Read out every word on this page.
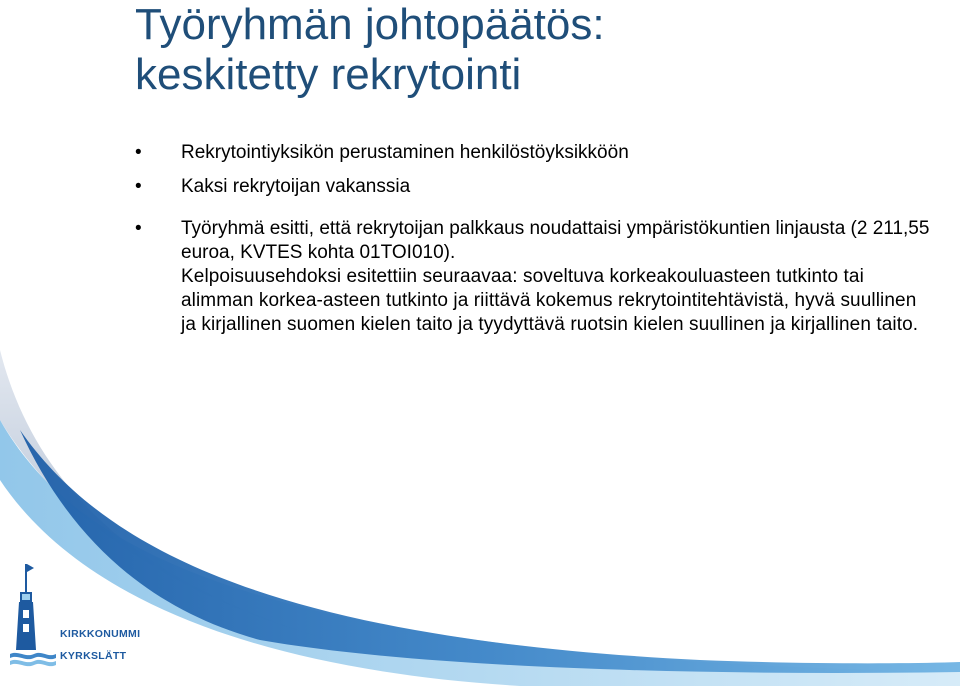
Työryhmän johtopäätös:
keskitetty rekrytointi
• Rekrytointiyksikön perustaminen henkilöstöyksikköön
• Kaksi rekrytoijan vakanssia
• Työryhmä esitti, että rekrytoijan palkkaus noudattaisi ympäristökuntien linjausta (2 211,55 euroa, KVTES kohta 01TOI010).
Kelpoisuusehdoksi esitettiin seuraavaa: soveltuva korkeakouluasteen tutkinto tai alimman korkea-asteen tutkinto ja riittävä kokemus rekrytointitehtävistä, hyvä suullinen ja kirjallinen suomen kielen taito ja tyydyttävä ruotsin kielen suullinen ja kirjallinen taito.
KIRKKONUMMI
KYRKSLÄTT
